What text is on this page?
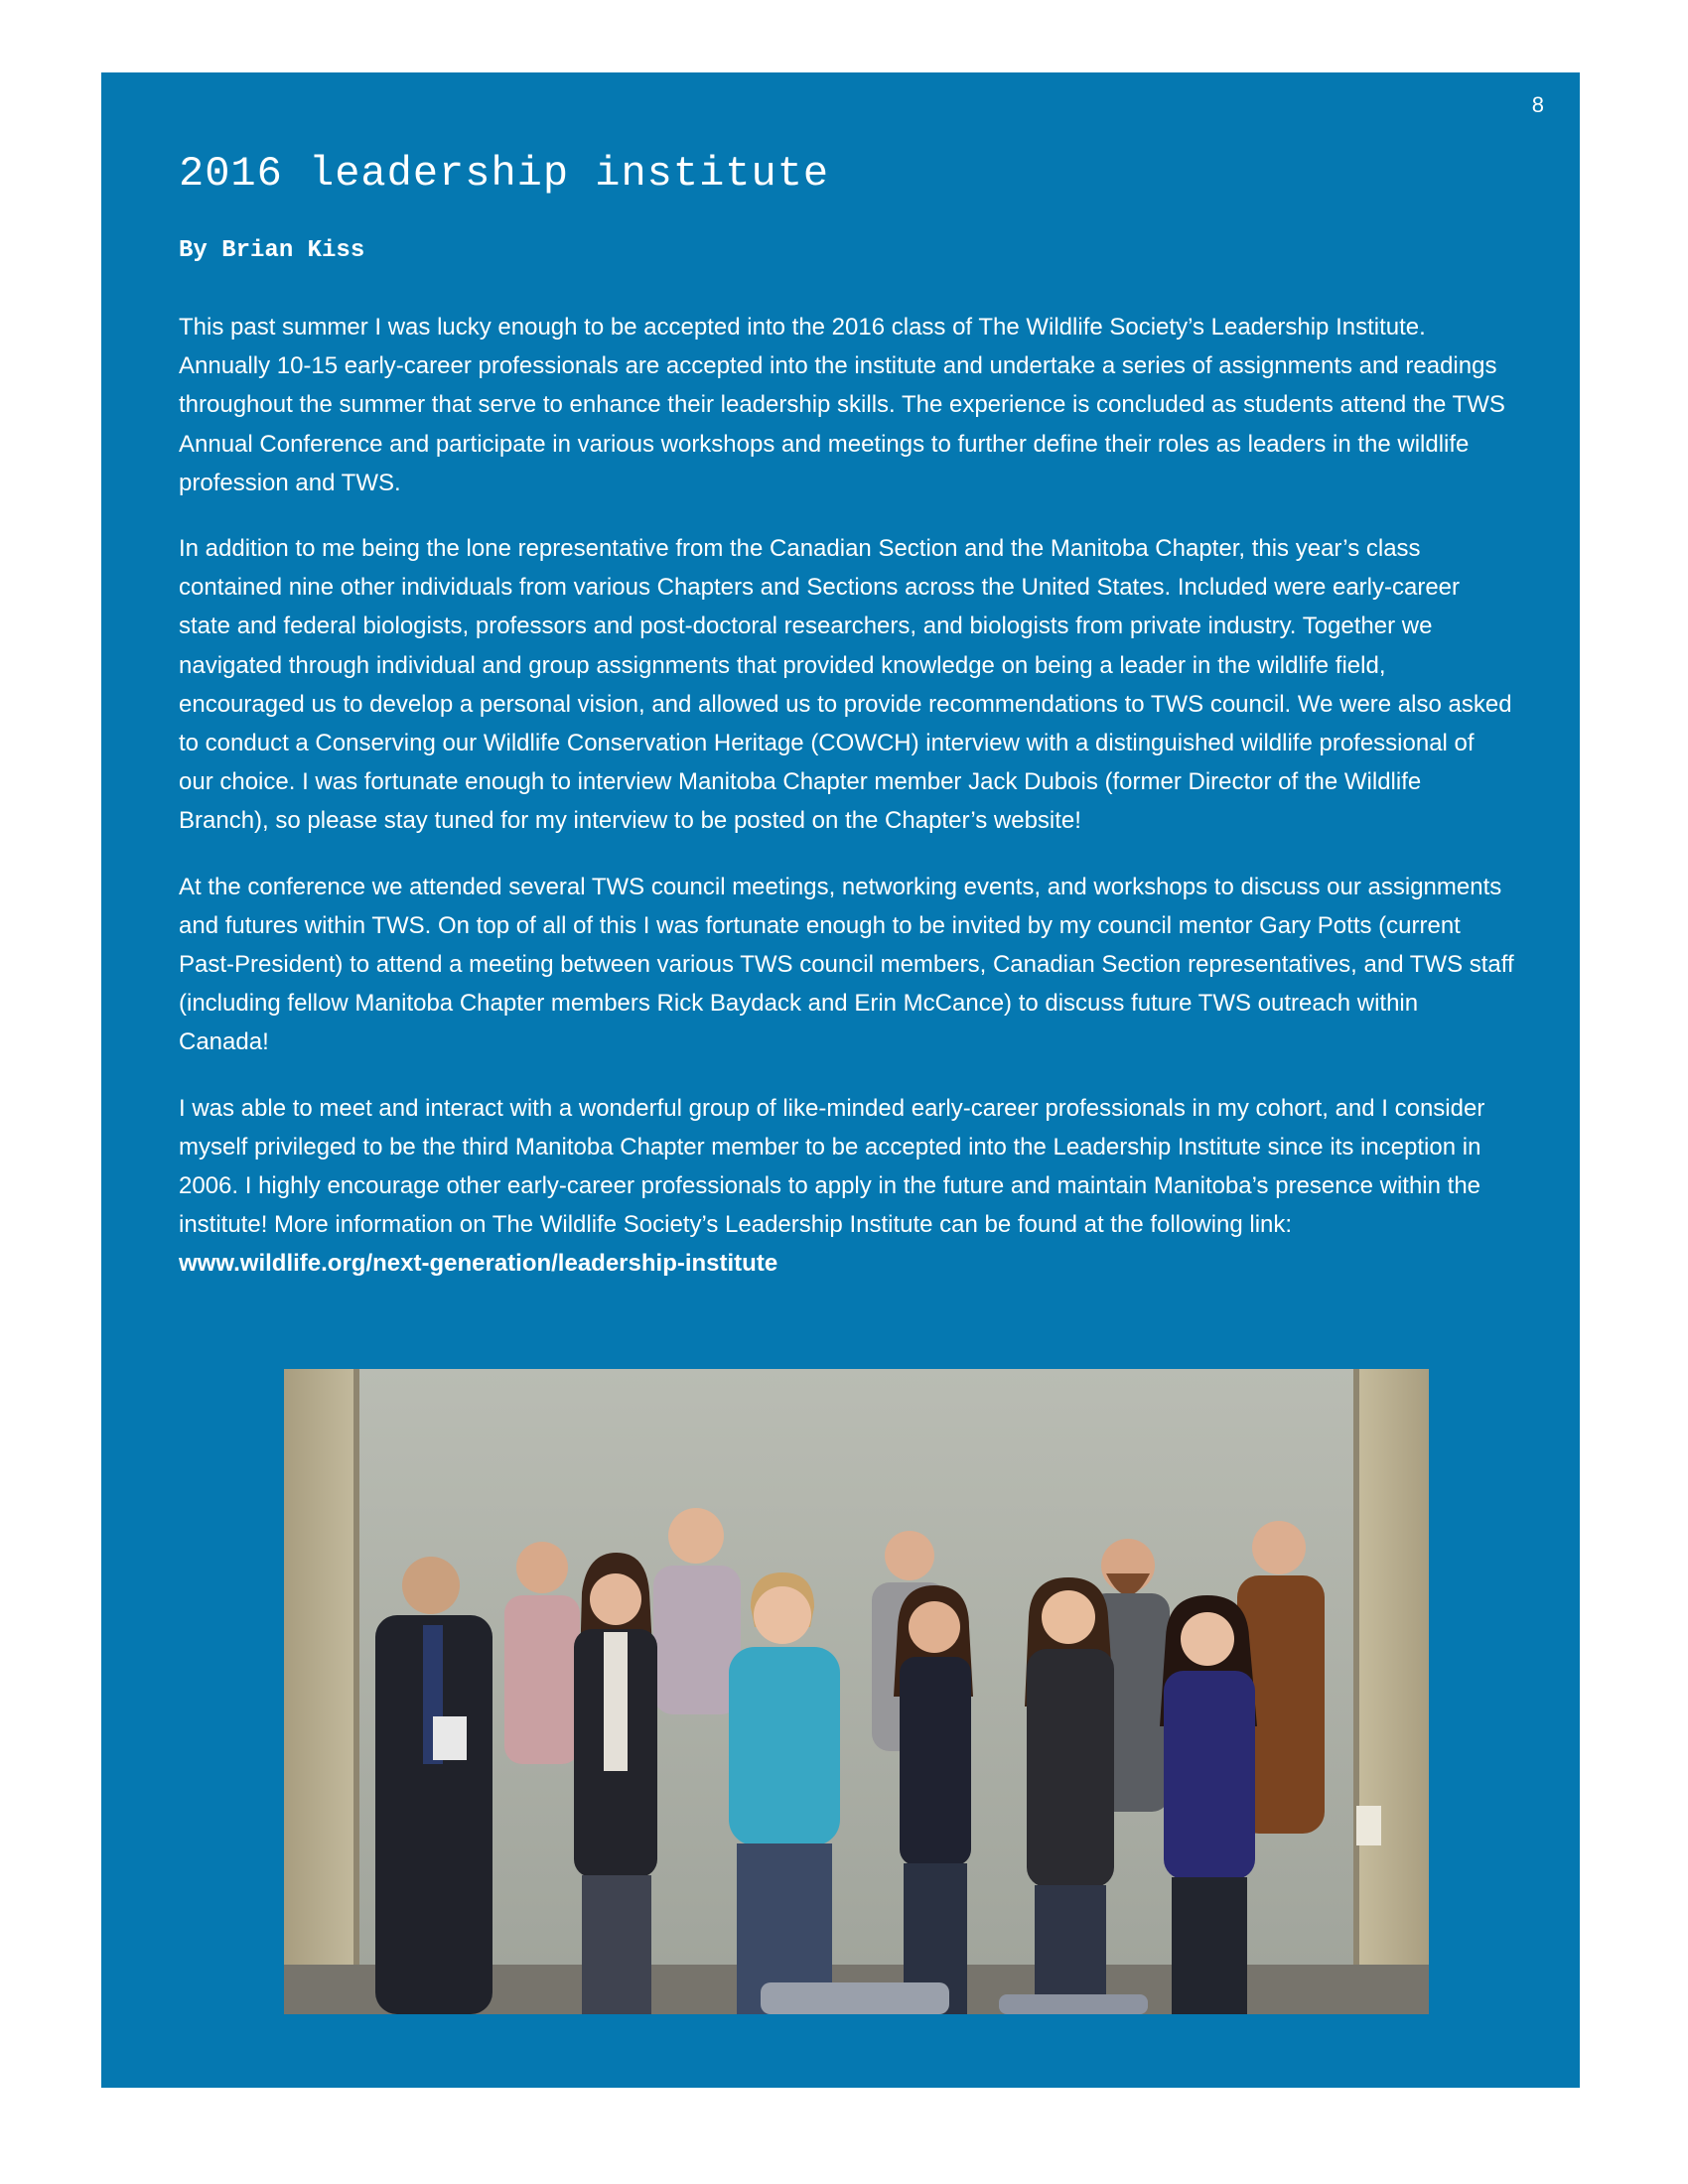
8
2016 leadership institute
By Brian Kiss

This past summer I was lucky enough to be accepted into the 2016 class of The Wildlife Society’s Leadership Institute. Annually 10-15 early-career professionals are accepted into the institute and undertake a series of assignments and readings throughout the summer that serve to enhance their leadership skills. The experience is concluded as students attend the TWS Annual Conference and participate in various workshops and meetings to further define their roles as leaders in the wildlife profession and TWS.

In addition to me being the lone representative from the Canadian Section and the Manitoba Chapter, this year’s class contained nine other individuals from various Chapters and Sections across the United States. Included were early-career state and federal biologists, professors and post-doctoral researchers, and biologists from private industry. Together we navigated through individual and group assignments that provided knowledge on being a leader in the wildlife field, encouraged us to develop a personal vision, and allowed us to provide recommendations to TWS council. We were also asked to conduct a Conserving our Wildlife Conservation Heritage (COWCH) interview with a distinguished wildlife professional of our choice. I was fortunate enough to interview Manitoba Chapter member Jack Dubois (former Director of the Wildlife Branch), so please stay tuned for my interview to be posted on the Chapter’s website!

At the conference we attended several TWS council meetings, networking events, and workshops to discuss our assignments and futures within TWS. On top of all of this I was fortunate enough to be invited by my council mentor Gary Potts (current Past-President) to attend a meeting between various TWS council members, Canadian Section representatives, and TWS staff (including fellow Manitoba Chapter members Rick Baydack and Erin McCance) to discuss future TWS outreach within Canada!

I was able to meet and interact with a wonderful group of like-minded early-career professionals in my cohort, and I consider myself privileged to be the third Manitoba Chapter member to be accepted into the Leadership Institute since its inception in 2006. I highly encourage other early-career professionals to apply in the future and maintain Manitoba’s presence within the institute! More information on The Wildlife Society’s Leadership Institute can be found at the following link: www.wildlife.org/next-generation/leadership-institute
